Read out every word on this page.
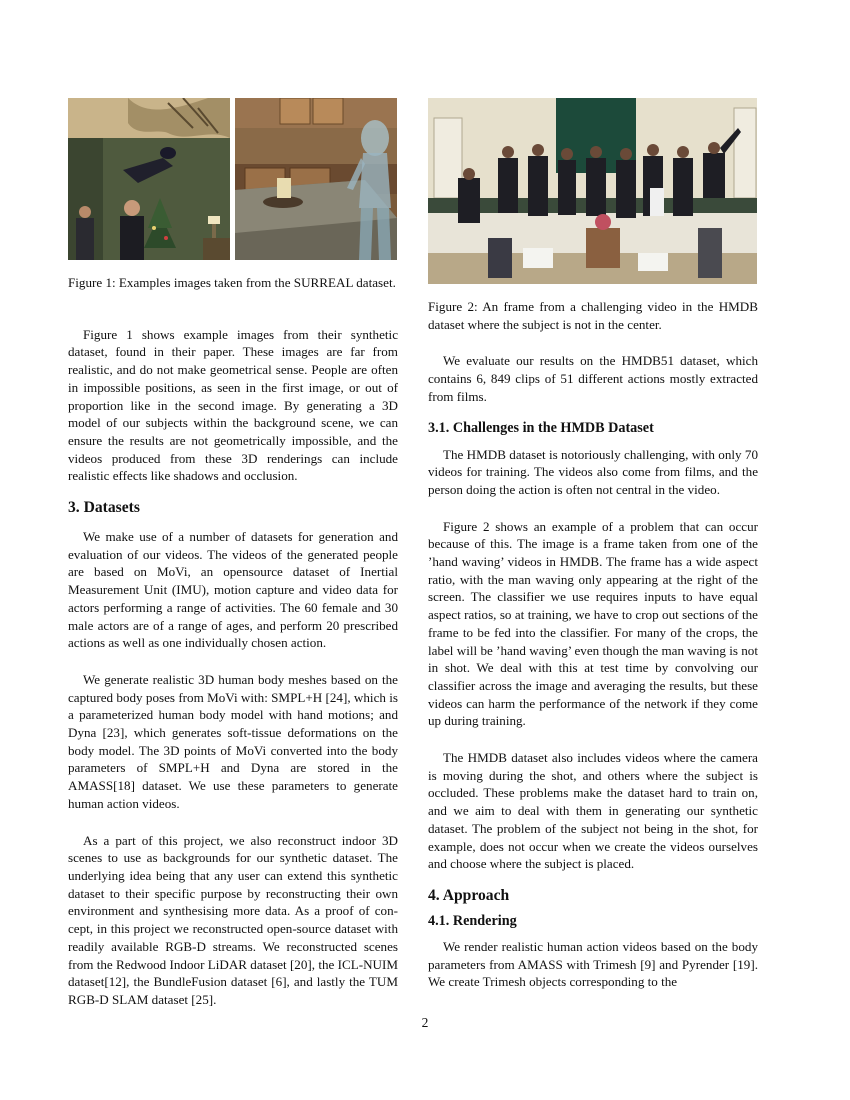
Figure 1: Examples images taken from the SURREAL dataset.

Figure 1 shows example images from their synthetic dataset, found in their paper. These images are far from realistic, and do not make geometrical sense. People are often in impossible positions, as seen in the first image, or out of proportion like in the second image. By generating a 3D model of our subjects within the background scene, we can ensure the results are not geometrically impossible, and the videos produced from these 3D renderings can include realistic effects like shadows and occlusion.

3. Datasets

We make use of a number of datasets for generation and evaluation of our videos. The videos of the generated people are based on MoVi, an opensource dataset of Inertial Measurement Unit (IMU), motion capture and video data for actors performing a range of activities. The 60 female and 30 male actors are of a range of ages, and perform 20 prescribed actions as well as one individually chosen action.

We generate realistic 3D human body meshes based on the captured body poses from MoVi with: SMPL+H [24], which is a parameterized human body model with hand motions; and Dyna [23], which generates soft-tissue deformations on the body model. The 3D points of MoVi converted into the body parameters of SMPL+H and Dyna are stored in the AMASS[18] dataset. We use these parameters to generate human action videos.

As a part of this project, we also reconstruct indoor 3D scenes to use as backgrounds for our synthetic dataset. The underlying idea being that any user can extend this synthetic dataset to their specific purpose by reconstructing their own environment and synthesising more data. As a proof of concept, in this project we reconstructed open-source dataset with readily available RGB-D streams. We reconstructed scenes from the Redwood Indoor LiDAR dataset [20], the ICL-NUIM dataset[12], the BundleFusion dataset [6], and lastly the TUM RGB-D SLAM dataset [25].

Figure 2: An frame from a challenging video in the HMDB dataset where the subject is not in the center.

We evaluate our results on the HMDB51 dataset, which contains 6, 849 clips of 51 different actions mostly extracted from films.

3.1. Challenges in the HMDB Dataset

The HMDB dataset is notoriously challenging, with only 70 videos for training. The videos also come from films, and the person doing the action is often not central in the video.

Figure 2 shows an example of a problem that can occur because of this. The image is a frame taken from one of the ’hand waving’ videos in HMDB. The frame has a wide aspect ratio, with the man waving only appearing at the right of the screen. The classifier we use requires inputs to have equal aspect ratios, so at training, we have to crop out sections of the frame to be fed into the classifier. For many of the crops, the label will be ’hand waving’ even though the man waving is not in shot. We deal with this at test time by convolving our classifier across the image and averaging the results, but these videos can harm the performance of the network if they come up during training.

The HMDB dataset also includes videos where the camera is moving during the shot, and others where the subject is occluded. These problems make the dataset hard to train on, and we aim to deal with them in generating our synthetic dataset. The problem of the subject not being in the shot, for example, does not occur when we create the videos ourselves and choose where the subject is placed.

4. Approach
4.1. Rendering

We render realistic human action videos based on the body parameters from AMASS with Trimesh [9] and Pyrender [19]. We create Trimesh objects corresponding to the

2
